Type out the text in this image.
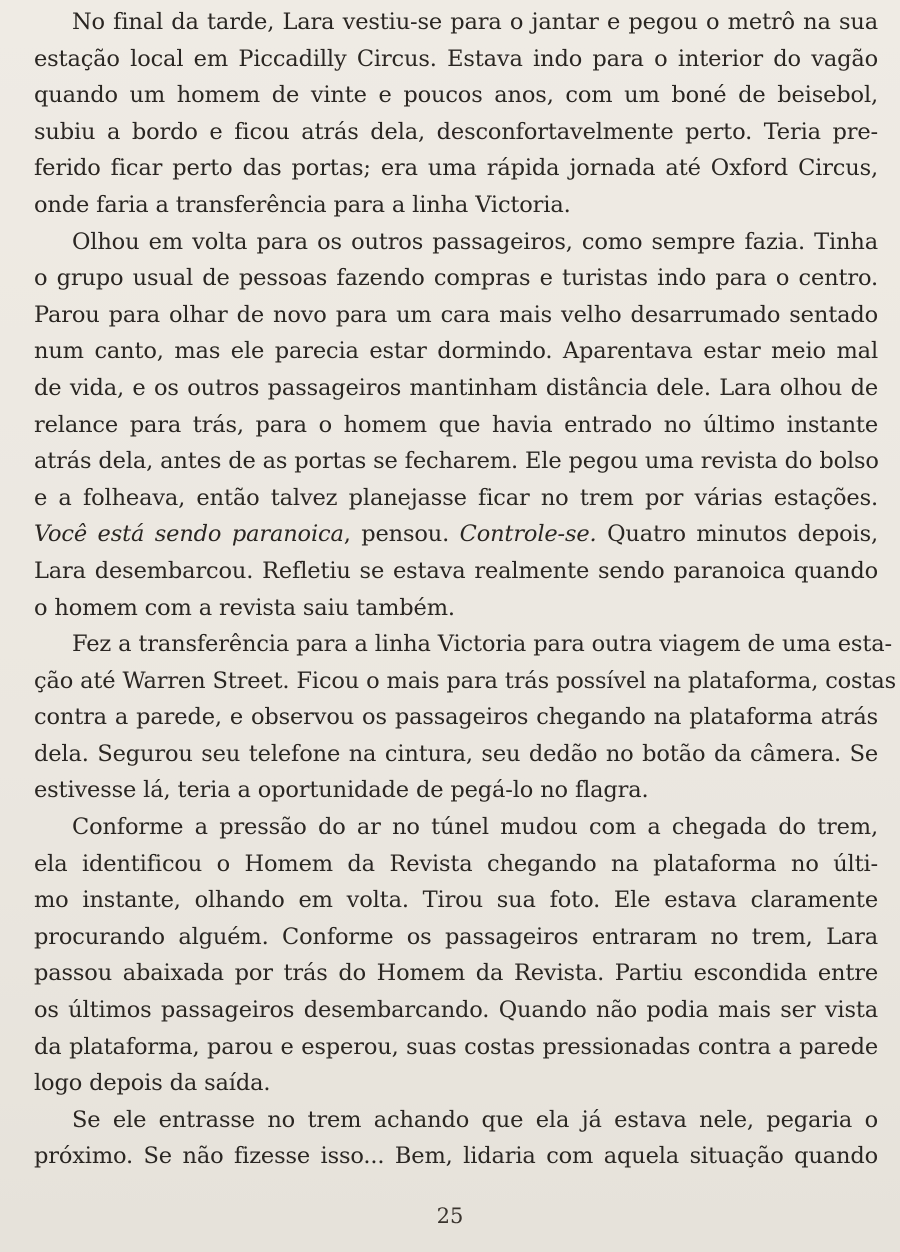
No final da tarde, Lara vestiu-se para o jantar e pegou o metrô na sua
estação local em Piccadilly Circus. Estava indo para o interior do vagão
quando um homem de vinte e poucos anos, com um boné de beisebol,
subiu a bordo e ficou atrás dela, desconfortavelmente perto. Teria pre-
ferido ficar perto das portas; era uma rápida jornada até Oxford Circus,
onde faria a transferência para a linha Victoria.

Olhou em volta para os outros passageiros, como sempre fazia. Tinha
o grupo usual de pessoas fazendo compras e turistas indo para o centro.
Parou para olhar de novo para um cara mais velho desarrumado sentado
num canto, mas ele parecia estar dormindo. Aparentava estar meio mal
de vida, e os outros passageiros mantinham distância dele. Lara olhou de
relance para trás, para o homem que havia entrado no último instante
atrás dela, antes de as portas se fecharem. Ele pegou uma revista do bolso
e a folheava, então talvez planejasse ficar no trem por várias estações.
Você está sendo paranoica, pensou. Controle-se. Quatro minutos depois,
Lara desembarcou. Refletiu se estava realmente sendo paranoica quando
o homem com a revista saiu também.

Fez a transferência para a linha Victoria para outra viagem de uma esta-
ção até Warren Street. Ficou o mais para trás possível na plataforma, costas
contra a parede, e observou os passageiros chegando na plataforma atrás
dela. Segurou seu telefone na cintura, seu dedão no botão da câmera. Se
estivesse lá, teria a oportunidade de pegá-lo no flagra.

Conforme a pressão do ar no túnel mudou com a chegada do trem,
ela identificou o Homem da Revista chegando na plataforma no últi-
mo instante, olhando em volta. Tirou sua foto. Ele estava claramente
procurando alguém. Conforme os passageiros entraram no trem, Lara
passou abaixada por trás do Homem da Revista. Partiu escondida entre
os últimos passageiros desembarcando. Quando não podia mais ser vista
da plataforma, parou e esperou, suas costas pressionadas contra a parede
logo depois da saída.

Se ele entrasse no trem achando que ela já estava nele, pegaria o
próximo. Se não fizesse isso... Bem, lidaria com aquela situação quando

25
